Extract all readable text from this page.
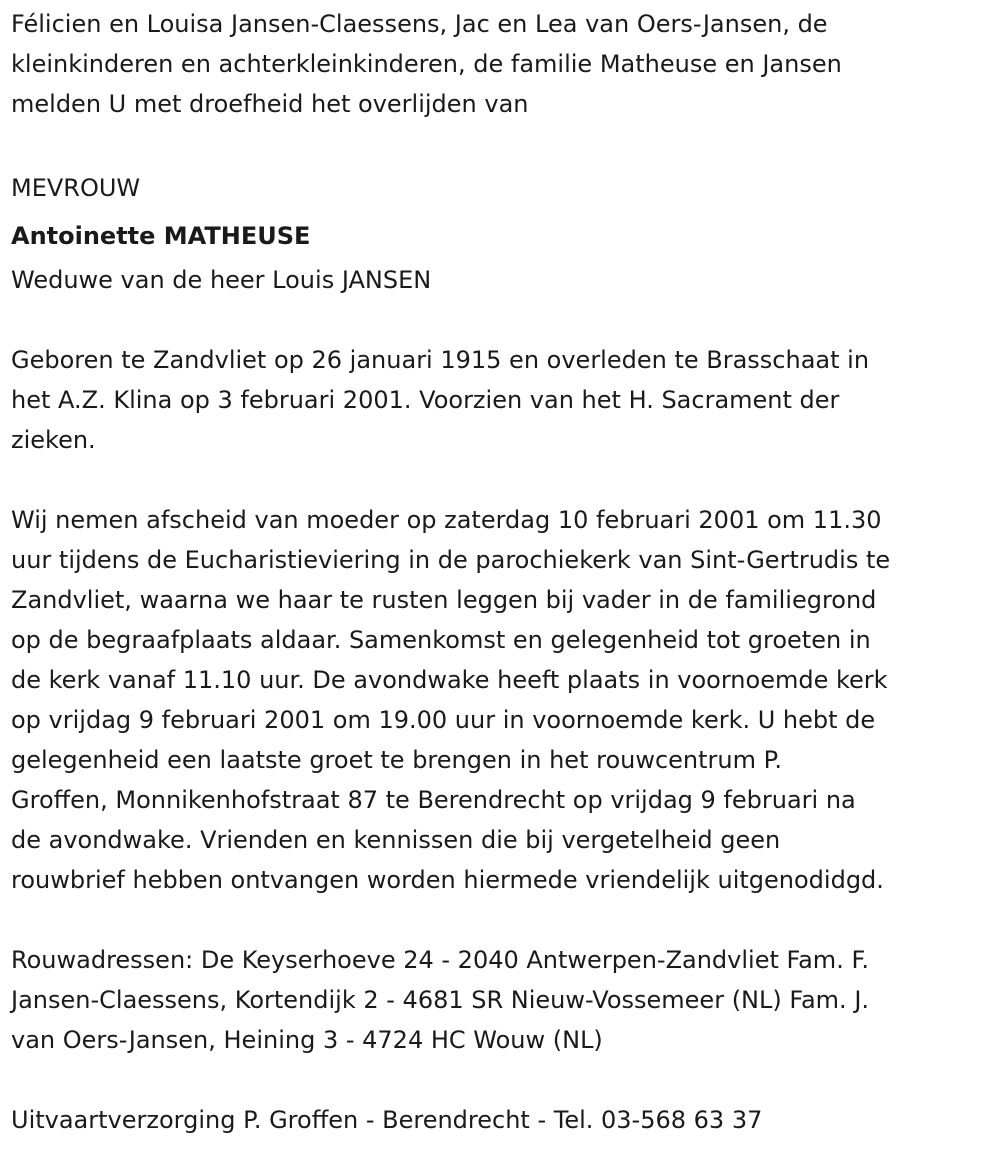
Félicien en Louisa Jansen-Claessens, Jac en Lea van Oers-Jansen, de
kleinkinderen en achterkleinkinderen, de familie Matheuse en Jansen
melden U met droefheid het overlijden van

MEVROUW

Antoinette MATHEUSE

Weduwe van de heer Louis JANSEN

Geboren te Zandvliet op 26 januari 1915 en overleden te Brasschaat in
het A.Z. Klina op 3 februari 2001. Voorzien van het H. Sacrament der
zieken.

Wij nemen afscheid van moeder op zaterdag 10 februari 2001 om 11.30
uur tijdens de Eucharistieviering in de parochiekerk van Sint-Gertrudis te
Zandvliet, waarna we haar te rusten leggen bij vader in de familiegrond
op de begraafplaats aldaar. Samenkomst en gelegenheid tot groeten in
de kerk vanaf 11.10 uur. De avondwake heeft plaats in voornoemde kerk
op vrijdag 9 februari 2001 om 19.00 uur in voornoemde kerk. U hebt de
gelegenheid een laatste groet te brengen in het rouwcentrum P.
Groffen, Monnikenhofstraat 87 te Berendrecht op vrijdag 9 februari na
de avondwake. Vrienden en kennissen die bij vergetelheid geen
rouwbrief hebben ontvangen worden hiermede vriendelijk uitgenodidgd.

Rouwadressen: De Keyserhoeve 24 - 2040 Antwerpen-Zandvliet Fam. F.
Jansen-Claessens, Kortendijk 2 - 4681 SR Nieuw-Vossemeer (NL) Fam. J.
van Oers-Jansen, Heining 3 - 4724 HC Wouw (NL)

Uitvaartverzorging P. Groffen - Berendrecht - Tel. 03-568 63 37
